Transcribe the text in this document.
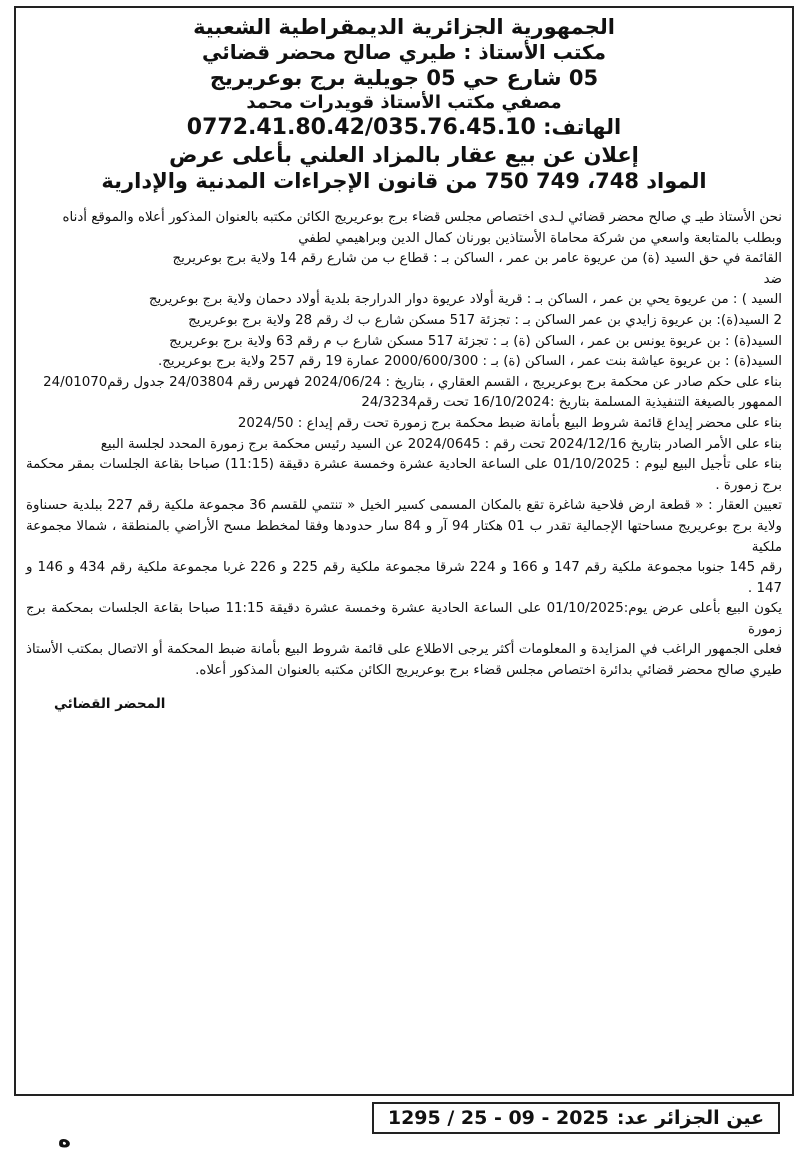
الجمهورية الجزائرية الديمقراطية الشعبية
مكتب الأستاذ : طيري صالح محضر قضائي
05 شارع حي 05 جويلية برج بوعريريج
مصفي مكتب الأستاذ قويدرات محمد
الهاتف: 0772.41.80.42/035.76.45.10
إعلان عن بيع عقار بالمزاد العلني بأعلى عرض
المواد 748، 749 750 من قانون الإجراءات المدنية والإدارية

نحن الأستاذ طيـ ي صالح محضر قضائي لـدى اختصاص مجلس قضاء برج بوعريريج الكائن مكتبه بالعنوان المذكور أعلاه والموقع أدناه

وبطلب بالمتابعة واسعي من شركة محاماة الأستاذين بورنان كمال الدين وبراهيمي لطفي

القائمة في حق السيد (ة) من عريوة عامر بن عمر ، الساكن بـ : قطاع ب من شارع رقم 14 ولاية برج بوعريريج

ضد

السيد ) : من عريوة يحي بن عمر ، الساكن بـ : قرية أولاد عريوة دوار الدرارجة بلدية أولاد دحمان ولاية برج بوعريريج

2 السيد(ة): بن عريوة زايدي بن عمر الساكن بـ : تجزئة 517 مسكن شارع ب ك رقم 28 ولاية برج بوعريريج

السيد(ة) : بن عريوة يونس بن عمر ، الساكن (ة) بـ : تجزئة 517 مسكن شارع ب م رقم 63 ولاية برج بوعريريج

السيد(ة) : بن عريوة عياشة بنت عمر ، الساكن (ة) بـ : 2000/600/300 عمارة 19 رقم 257 ولاية برج بوعريريج.

بناء على حكم صادر عن محكمة برج بوعريريج ، القسم العقاري ، بتاريخ : 2024/06/24 فهرس رقم 24/03804 جدول رقم24/01070

الممهور بالصيغة التنفيذية المسلمة بتاريخ :16/10/2024 تحت رقم24/3234

بناء على محضر إيداع قائمة شروط البيع بأمانة ضبط محكمة برج زمورة تحت رقم إيداع : 2024/50

بناء على الأمر الصادر بتاريخ 2024/12/16 تحت رقم : 2024/0645 عن السيد رئيس محكمة برج زمورة المحدد لجلسة البيع

بناء على تأجيل البيع ليوم : 01/10/2025 على الساعة الحادية عشرة وخمسة عشرة دقيقة (11:15) صباحا بقاعة الجلسات بمقر محكمة برج زمورة .

تعيين العقار : « قطعة ارض فلاحية شاغرة تقع بالمكان المسمى كسير الخيل « تنتمي للقسم 36 مجموعة ملكية رقم 227 ببلدية حسناوة ولاية برج بوعريريج مساحتها الإجمالية تقدر ب 01 هكتار 94 آر و 84 سار حدودها وفقا لمخطط مسح الأراضي بالمنطقة ، شمالا مجموعة ملكية

رقم 145 جنوبا مجموعة ملكية رقم 147 و 166 و 224 شرقا مجموعة ملكية رقم 225 و 226 غربا مجموعة ملكية رقم 434 و 146 و 147 .

يكون البيع بأعلى عرض يوم:01/10/2025 على الساعة الحادية عشرة وخمسة عشرة دقيقة 11:15 صباحا بقاعة الجلسات بمحكمة برج زمورة

فعلى الجمهور الراغب في المزايدة و المعلومات أكثر يرجى الاطلاع على قائمة شروط البيع بأمانة ضبط المحكمة أو الاتصال بمكتب الأستاذ طيري صالح محضر قضائي بدائرة اختصاص مجلس قضاء برج بوعريريج الكائن مكتبه بالعنوان المذكور أعلاه.

المحضر القضائي
عين الجزائر عد:
1295 / 25 - 09 - 2025
ه
